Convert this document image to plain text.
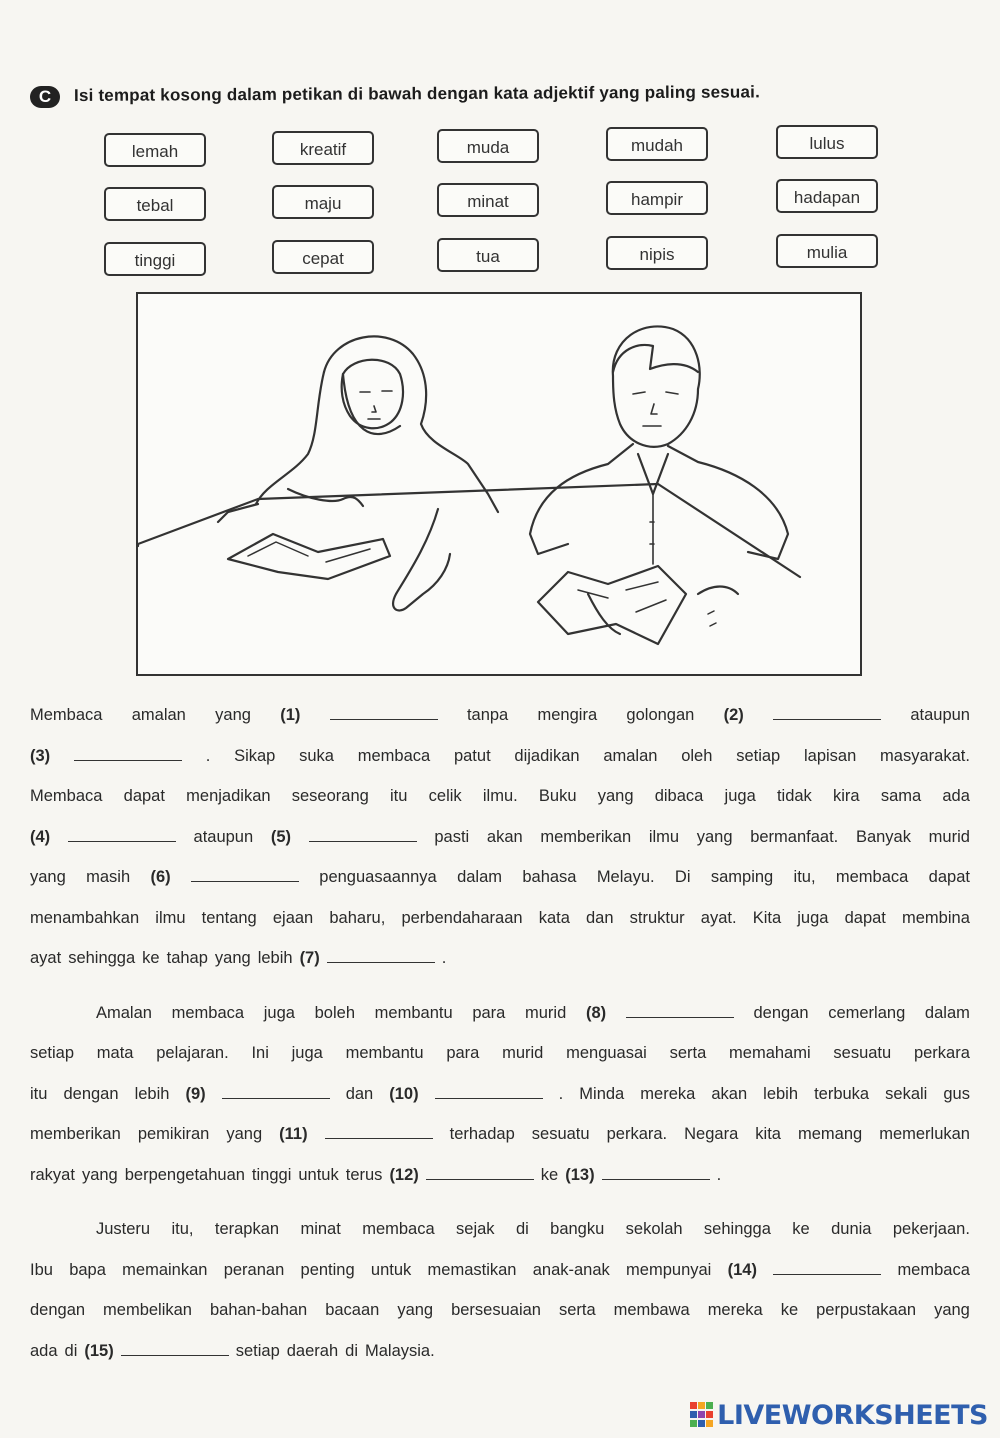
C	Isi tempat kosong dalam petikan di bawah dengan kata adjektif yang paling sesuai.
lemah	kreatif	muda	mudah	lulus
tebal	maju	minat	hampir	hadapan
tinggi	cepat	tua	nipis	mulia
Membaca amalan yang (1)	tanpa mengira golongan (2)	ataupun
(3)	. Sikap suka membaca patut dijadikan amalan oleh setiap lapisan masyarakat.
Membaca dapat menjadikan seseorang itu celik ilmu. Buku yang dibaca juga tidak kira sama ada
(4)	ataupun (5)	pasti akan memberikan ilmu yang bermanfaat. Banyak murid
yang masih (6)	penguasaannya dalam bahasa Melayu. Di samping itu, membaca dapat
menambahkan ilmu tentang ejaan baharu, perbendaharaan kata dan struktur ayat. Kita juga dapat membina
ayat sehingga ke tahap yang lebih (7)	.
Amalan membaca juga boleh membantu para murid (8)	dengan cemerlang dalam
setiap mata pelajaran. Ini juga membantu para murid menguasai serta memahami sesuatu perkara
itu dengan lebih (9)	dan (10)	. Minda mereka akan lebih terbuka sekali gus
memberikan pemikiran yang (11)	terhadap sesuatu perkara. Negara kita memang memerlukan
rakyat yang berpengetahuan tinggi untuk terus (12)	ke (13)	.
Justeru itu, terapkan minat membaca sejak di bangku sekolah sehingga ke dunia pekerjaan.
Ibu bapa memainkan peranan penting untuk memastikan anak-anak mempunyai (14)	membaca
dengan membelikan bahan-bahan bacaan yang bersesuaian serta membawa mereka ke perpustakaan yang
ada di (15)	setiap daerah di Malaysia.
LIVEWORKSHEETS
